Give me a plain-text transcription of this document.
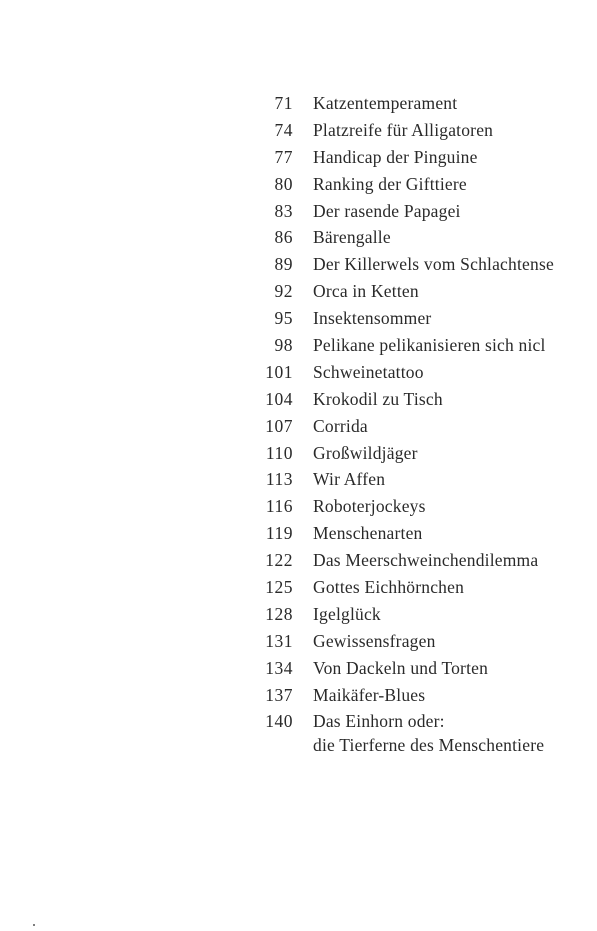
71 Katzentemperament
74 Platzreife für Alligatoren
77 Handicap der Pinguine
80 Ranking der Gifttiere
83 Der rasende Papagei
86 Bärengalle
89 Der Killerwels vom Schlachtense
92 Orca in Ketten
95 Insektensommer
98 Pelikane pelikanisieren sich nicl
101 Schweinetattoo
104 Krokodil zu Tisch
107 Corrida
110 Großwildjäger
113 Wir Affen
116 Roboterjockeys
119 Menschenarten
122 Das Meerschweinchendilemma
125 Gottes Eichhörnchen
128 Igelglück
131 Gewissensfragen
134 Von Dackeln und Torten
137 Maikäfer-Blues
140 Das Einhorn oder:
die Tierferne des Menschentiere
